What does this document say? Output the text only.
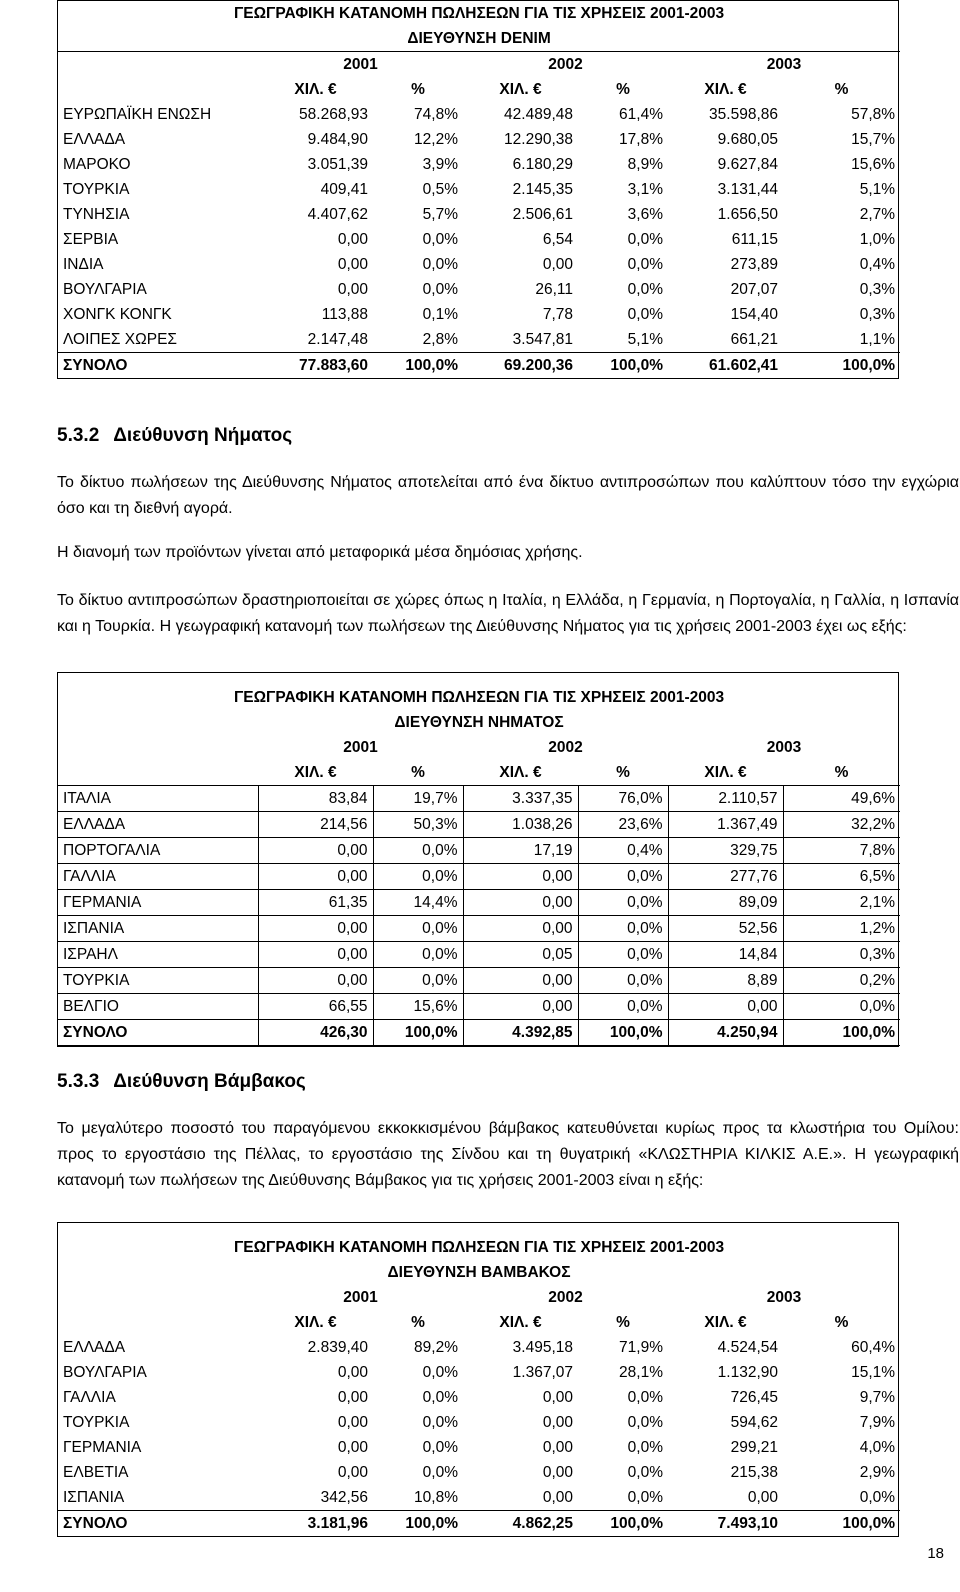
ΓΕΩΓΡΑΦΙΚΗ ΚΑΤΑΝΟΜΗ ΠΩΛΗΣΕΩΝ ΓΙΑ ΤΙΣ ΧΡΗΣΕΙΣ 2001-2003						
ΔΙΕΥΘΥΝΣΗ DENIM						
	2001		2002		2003	
	ΧΙΛ. €	%	ΧΙΛ. €	%	ΧΙΛ. €	%
ΕΥΡΩΠΑΪΚΗ ΕΝΩΣΗ	58.268,93	74,8%	42.489,48	61,4%	35.598,86	57,8%
ΕΛΛΑΔΑ	9.484,90	12,2%	12.290,38	17,8%	9.680,05	15,7%
ΜΑΡΟΚΟ	3.051,39	3,9%	6.180,29	8,9%	9.627,84	15,6%
ΤΟΥΡΚΙΑ	409,41	0,5%	2.145,35	3,1%	3.131,44	5,1%
ΤΥΝΗΣΙΑ	4.407,62	5,7%	2.506,61	3,6%	1.656,50	2,7%
ΣΕΡΒΙΑ	0,00	0,0%	6,54	0,0%	611,15	1,0%
ΙΝΔΙΑ	0,00	0,0%	0,00	0,0%	273,89	0,4%
ΒΟΥΛΓΑΡΙΑ	0,00	0,0%	26,11	0,0%	207,07	0,3%
ΧΟΝΓΚ ΚΟΝΓΚ	113,88	0,1%	7,78	0,0%	154,40	0,3%
ΛΟΙΠΕΣ ΧΩΡΕΣ	2.147,48	2,8%	3.547,81	5,1%	661,21	1,1%
ΣΥΝΟΛΟ	77.883,60	100,0%	69.200,36	100,0%	61.602,41	100,0%
5.3.2 Διεύθυνση Νήματος

Το δίκτυο πωλήσεων της Διεύθυνσης Νήματος αποτελείται από ένα δίκτυο αντιπροσώπων που καλύπτουν τόσο την εγχώρια όσο και τη διεθνή αγορά.

Η διανομή των προϊόντων γίνεται από μεταφορικά μέσα δημόσιας χρήσης.

Το δίκτυο αντιπροσώπων δραστηριοποιείται σε χώρες όπως η Ιταλία, η Ελλάδα, η Γερμανία, η Πορτογαλία, η Γαλλία, η Ισπανία και η Τουρκία. Η γεωγραφική κατανομή των πωλήσεων της Διεύθυνσης Νήματος για τις χρήσεις 2001-2003 έχει ως εξής:

ΓΕΩΓΡΑΦΙΚΗ ΚΑΤΑΝΟΜΗ ΠΩΛΗΣΕΩΝ ΓΙΑ ΤΙΣ ΧΡΗΣΕΙΣ 2001-2003						
ΔΙΕΥΘΥΝΣΗ ΝΗΜΑΤΟΣ						
	2001		2002		2003	
	ΧΙΛ. €	%	ΧΙΛ. €	%	ΧΙΛ. €	%
ΙΤΑΛΙΑ	83,84	19,7%	3.337,35	76,0%	2.110,57	49,6%
ΕΛΛΑΔΑ	214,56	50,3%	1.038,26	23,6%	1.367,49	32,2%
ΠΟΡΤΟΓΑΛΙΑ	0,00	0,0%	17,19	0,4%	329,75	7,8%
ΓΑΛΛΙΑ	0,00	0,0%	0,00	0,0%	277,76	6,5%
ΓΕΡΜΑΝΙΑ	61,35	14,4%	0,00	0,0%	89,09	2,1%
ΙΣΠΑΝΙΑ	0,00	0,0%	0,00	0,0%	52,56	1,2%
ΙΣΡΑΗΛ	0,00	0,0%	0,05	0,0%	14,84	0,3%
ΤΟΥΡΚΙΑ	0,00	0,0%	0,00	0,0%	8,89	0,2%
ΒΕΛΓΙΟ	66,55	15,6%	0,00	0,0%	0,00	0,0%
ΣΥΝΟΛΟ	426,30	100,0%	4.392,85	100,0%	4.250,94	100,0%
5.3.3 Διεύθυνση Βάμβακος

Το μεγαλύτερο ποσοστό του παραγόμενου εκκοκκισμένου βάμβακος κατευθύνεται κυρίως προς τα κλωστήρια του Ομίλου: προς το εργοστάσιο της Πέλλας, το εργοστάσιο της Σίνδου και τη θυγατρική «ΚΛΩΣΤΗΡΙΑ ΚΙΛΚΙΣ Α.Ε.». Η γεωγραφική κατανομή των πωλήσεων της Διεύθυνσης Βάμβακος για τις χρήσεις 2001-2003 είναι η εξής:

ΓΕΩΓΡΑΦΙΚΗ ΚΑΤΑΝΟΜΗ ΠΩΛΗΣΕΩΝ ΓΙΑ ΤΙΣ ΧΡΗΣΕΙΣ 2001-2003						
ΔΙΕΥΘΥΝΣΗ ΒΑΜΒΑΚΟΣ						
	2001		2002		2003	
	ΧΙΛ. €	%	ΧΙΛ. €	%	ΧΙΛ. €	%
ΕΛΛΑΔΑ	2.839,40	89,2%	3.495,18	71,9%	4.524,54	60,4%
ΒΟΥΛΓΑΡΙΑ	0,00	0,0%	1.367,07	28,1%	1.132,90	15,1%
ΓΑΛΛΙΑ	0,00	0,0%	0,00	0,0%	726,45	9,7%
ΤΟΥΡΚΙΑ	0,00	0,0%	0,00	0,0%	594,62	7,9%
ΓΕΡΜΑΝΙΑ	0,00	0,0%	0,00	0,0%	299,21	4,0%
ΕΛΒΕΤΙΑ	0,00	0,0%	0,00	0,0%	215,38	2,9%
ΙΣΠΑΝΙΑ	342,56	10,8%	0,00	0,0%	0,00	0,0%
ΣΥΝΟΛΟ	3.181,96	100,0%	4.862,25	100,0%	7.493,10	100,0%
18
